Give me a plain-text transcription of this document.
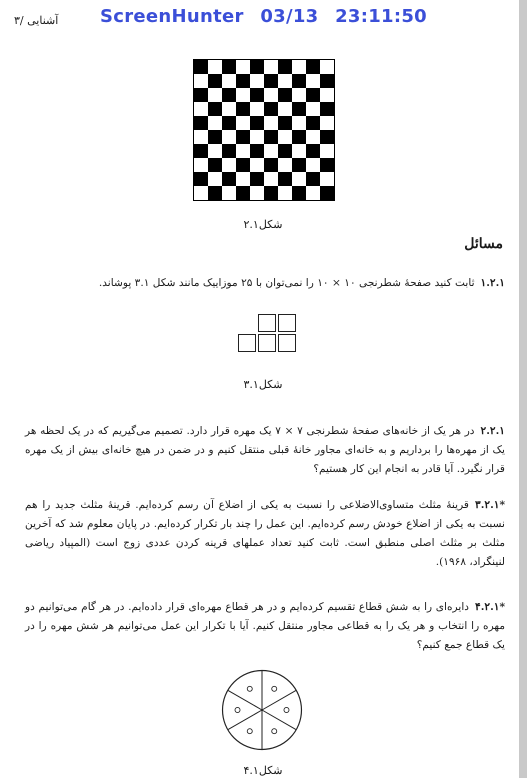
آشنایی /۳ ScreenHunter 03/13 23:11:50
شکل۲.۱
مسائل
۱.۲.۱ثابت کنید صفحهٔ شطرنجی ۱۰ × ۱۰ را نمی‌توان با ۲۵ موزاییک مانند شکل ۳.۱ پوشاند.
شکل۳.۱
۲.۲.۱در هر یک از خانه‌های صفحهٔ شطرنجی ۷ × ۷ یک مهره قرار دارد. تصمیم می‌گیریم که در یک لحظه هر یک از مهره‌ها را برداریم و به خانه‌ای مجاور خانهٔ قبلی منتقل کنیم و در ضمن در هیچ خانه‌ای بیش از یک مهره قرار نگیرد. آیا قادر به انجام این کار هستیم؟
*۳.۲.۱قرینهٔ مثلث متساوی‌الاضلاعی را نسبت به یکی از اضلاع آن رسم کرده‌ایم. قرینهٔ مثلث جدید را هم نسبت به یکی از اضلاع خودش رسم کرده‌ایم. این عمل را چند بار تکرار کرده‌ایم. در پایان معلوم شد که آخرین مثلث بر مثلث اصلی منطبق است. ثابت کنید تعداد عملهای قرینه کردن عددی زوج است (المپیاد ریاضی لنینگراد، ۱۹۶۸).
*۴.۲.۱دایره‌ای را به شش قطاع تقسیم کرده‌ایم و در هر قطاع مهره‌ای قرار داده‌ایم. در هر گام می‌توانیم دو مهره را انتخاب و هر یک را به قطاعی مجاور منتقل کنیم. آیا با تکرار این عمل می‌توانیم هر شش مهره را در یک قطاع جمع کنیم؟
شکل۴.۱
